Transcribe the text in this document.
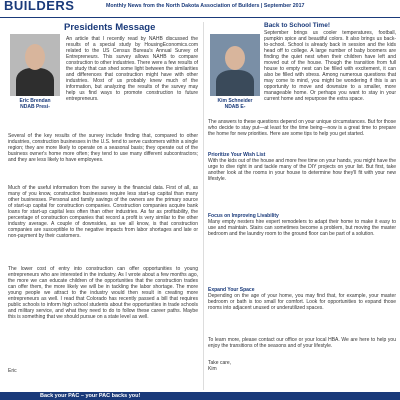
BUILDERS	Monthly News from the North Dakota Association of Builders | September 2017
Presidents Message
Eric Brendan
NDAB Presi-
An article that I recently read by NAHB discussed the results of a special study by HousingEconomics.com related to the US Census Bureau's Annual Survey of Entrepreneurs. This survey allows NAHB to compare construction to other industries. There were a few results of the study that can shed some light between the similarities and differences that construction might have with other industries. Most of us probably knew much of the information, but analyzing the results of the survey may help us find ways to promote construction to future entrepreneurs.
Several of the key results of the survey include finding that, compared to other industries, construction businesses in the U.S. tend to serve customers within a single region; they are more likely to operate on a seasonal basis; they operate out of the business owner's home more often; they tend to use many different subcontractors; and they are less likely to have employees.
Much of the useful information from the survey is the financial data. First of all, as many of you know, construction businesses require less start-up capital than many other businesses. Personal and family savings of the owners are the primary source of start-up capital for construction companies. Construction companies acquire bank loans for start-up capital less often than other industries. As far as profitability, the percentage of construction companies that record a profit is very similar to the other industry average. A couple of downsides, as we all know, is that construction companies are susceptible to the negative impacts from labor shortages and late or non-payment by their customers.
The lower cost of entry into construction can offer opportunities to young entrepreneurs who are interested in the industry. As I wrote about a few months ago, the more we can educate children of the opportunities that the construction trades can offer them, the more likely we will be in tackling the labor shortage. The more young people we attract to the industry would then result in creating more entrepreneurs as well. I read that Colorado has recently passed a bill that requires public schools to inform high school students about the opportunities in trade schools and military service, and what they need to do to follow these career paths. Maybe this is something that we should pursue on a state level as well.
Eric
Back to School Time!
Kim Schneider
NDAB E-
September brings us cooler temperatures, football, pumpkin spice and beautiful colors. It also brings us back-to-school. School is already back in session and the kids head off to college. A large number of baby boomers are finding the quiet nest when their children have left and moved out of the house. Though the transition from full house to empty nest can be filled with excitement, it can also be filled with stress. Among numerous questions that may come to mind, you might be wondering if this is an opportunity to move and downsize to a smaller, more manageable home. Or perhaps you want to stay in your current home and repurpose the extra space.
The answers to these questions depend on your unique circumstances. But for those who decide to stay put—at least for the time being—now is a great time to prepare the home for new priorities. Here are some tips to help you get started.
Prioritize Your Wish List
With the kids out of the house and more free time on your hands, you might have the urge to dive right in and tackle many of the DIY projects on your list. But first, take another look at the rooms in your house to determine how they'll fit with your new lifestyle.
Focus on Improving Livability
Many empty nesters hire expert remodelers to adapt their home to make it easy to use and maintain. Stairs can sometimes become a problem, but moving the master bedroom and the laundry room to the ground floor can be part of a solution.
Expand Your Space
Depending on the age of your home, you may find that, for example, your master bedroom or bath is too small for comfort. Look for opportunities to expand those rooms into adjacent unused or underutilized spaces.
To learn more, please contact our office or your local HBA. We are here to help you enjoy the transitions of the seasons and of your lifestyle.
Take care,
Kim
Back your PAC – your PAC backs you!
